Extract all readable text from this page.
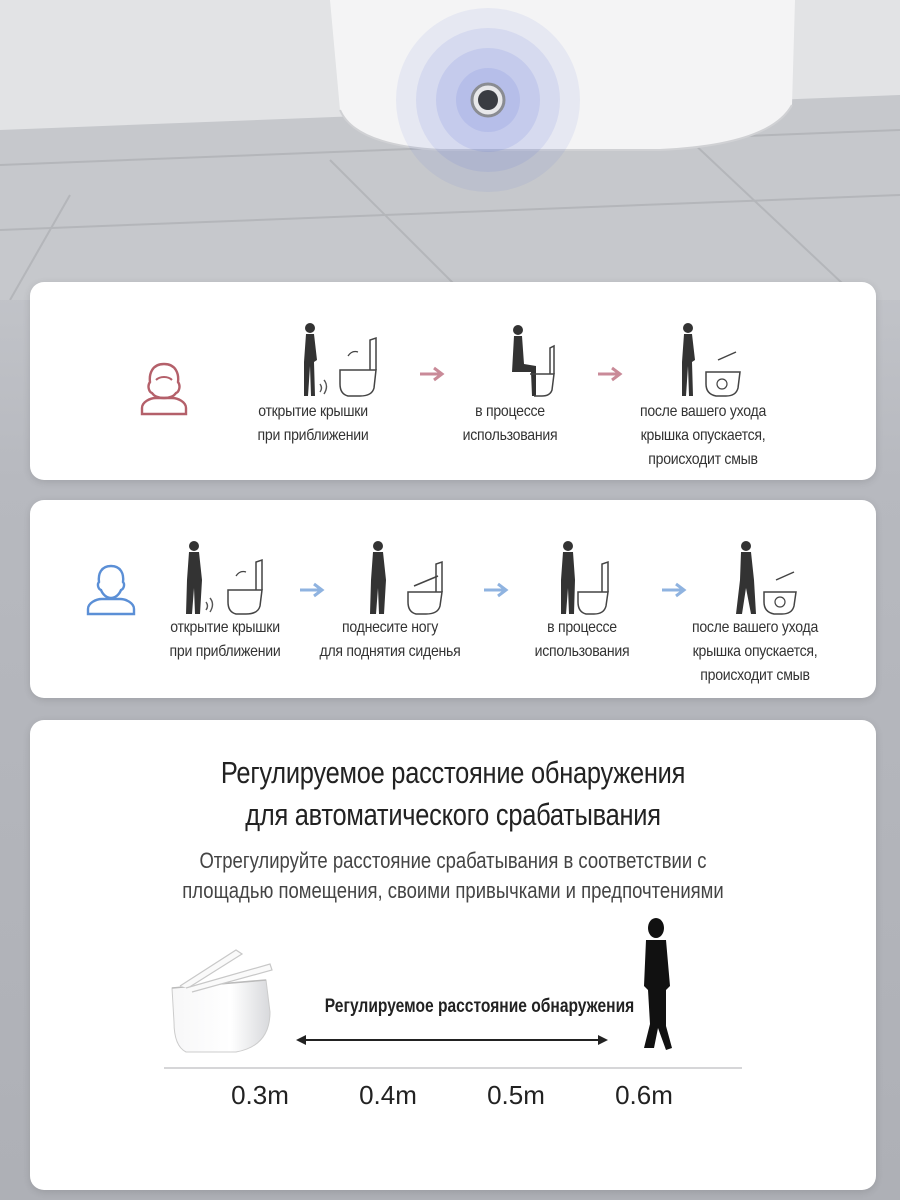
открытие крышки
при приближении
в процессе
использования
после вашего ухода
крышка опускается,
происходит смыв
открытие крышки
при приближении
поднесите ногу
для поднятия сиденья
в процессе
использования
после вашего ухода
крышка опускается,
происходит смыв
Регулируемое расстояние обнаружения
для автоматического срабатывания
Отрегулируйте расстояние срабатывания в соответствии с
площадью помещения, своими привычками и предпочтениями
Регулируемое расстояние обнаружения
0.3m	0.4m	0.5m	0.6m
